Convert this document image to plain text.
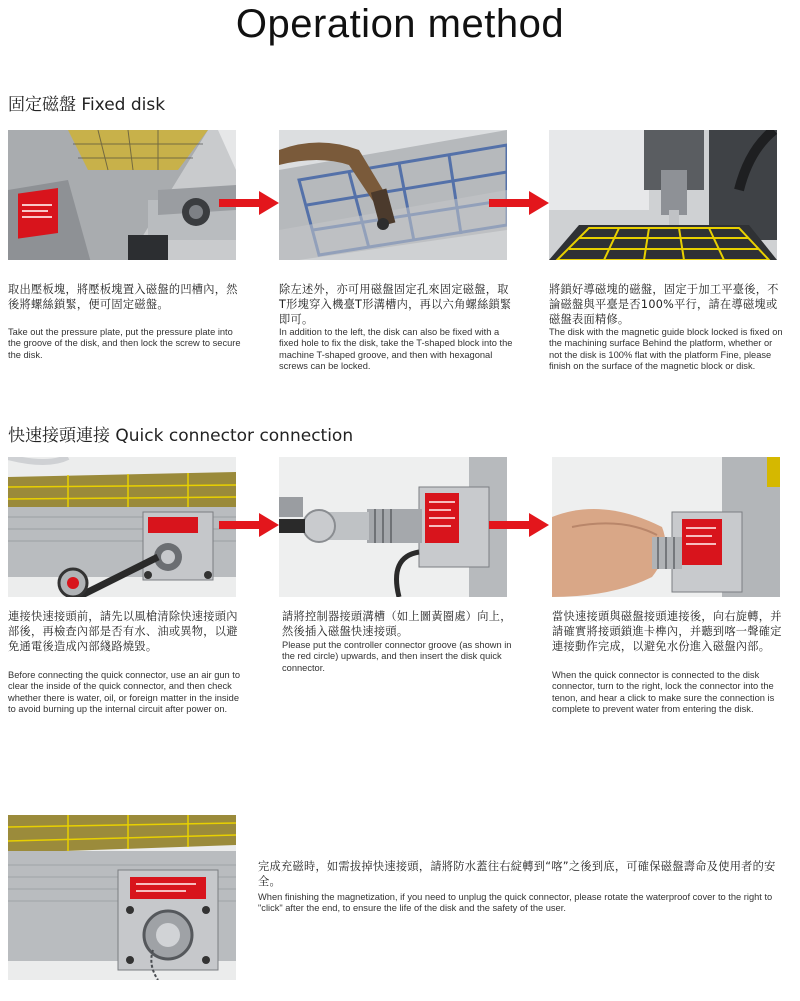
Operation method
固定磁盤 Fixed disk
取出壓板塊，將壓板塊置入磁盤的凹槽內，然後將螺絲鎖緊，便可固定磁盤。
Take out the pressure plate, put the pressure plate into the groove of the disk, and then lock the screw to secure the disk.
除左述外，亦可用磁盤固定孔來固定磁盤，取T形塊穿入機臺T形溝槽内，再以六角螺絲鎖緊即可。
In addition to the left, the disk can also be fixed with a fixed hole to fix the disk, take the T-shaped block into the machine T-shaped groove, and then with hexagonal screws can be locked.
將鎖好導磁塊的磁盤，固定于加工平臺後，不論磁盤與平臺是否100%平行，請在導磁塊或磁盤表面精修。
The disk with the magnetic guide block locked is fixed on the machining surface Behind the platform, whether or not the disk is 100% flat with the platform Fine, please finish on the surface of the magnetic block or disk.
快速接頭連接 Quick connector connection
連接快速接頭前，請先以風槍清除快速接頭內部後，再檢查內部是否有水、油或異物，以避免通電後造成內部綫路燒毀。
Before connecting the quick connector, use an air gun to clear the inside of the quick connector, and then check whether there is water, oil, or foreign matter in the inside to avoid burning up the internal circuit after power on.
請將控制器接頭溝槽（如上圖黃圈處）向上，然後插入磁盤快速接頭。
Please put the controller connector groove (as shown in the red circle) upwards, and then insert the disk quick connector.
當快速接頭與磁盤接頭連接後，向右旋轉，并請確實將接頭鎖進卡榫內，并聽到喀一聲確定連接動作完成，以避免水份進入磁盤內部。
When the quick connector is connected to the disk connector, turn to the right, lock the connector into the tenon, and hear a click to make sure the connection is complete to prevent water from entering the disk.
完成充磁時，如需拔掉快速接頭，請將防水蓋往右綻轉到“喀”之後到底，可確保磁盤壽命及使用者的安全。
When finishing the magnetization, if you need to unplug the quick connector, please rotate the waterproof cover to the right to "click" after the end, to ensure the life of the disk and the safety of the user.
